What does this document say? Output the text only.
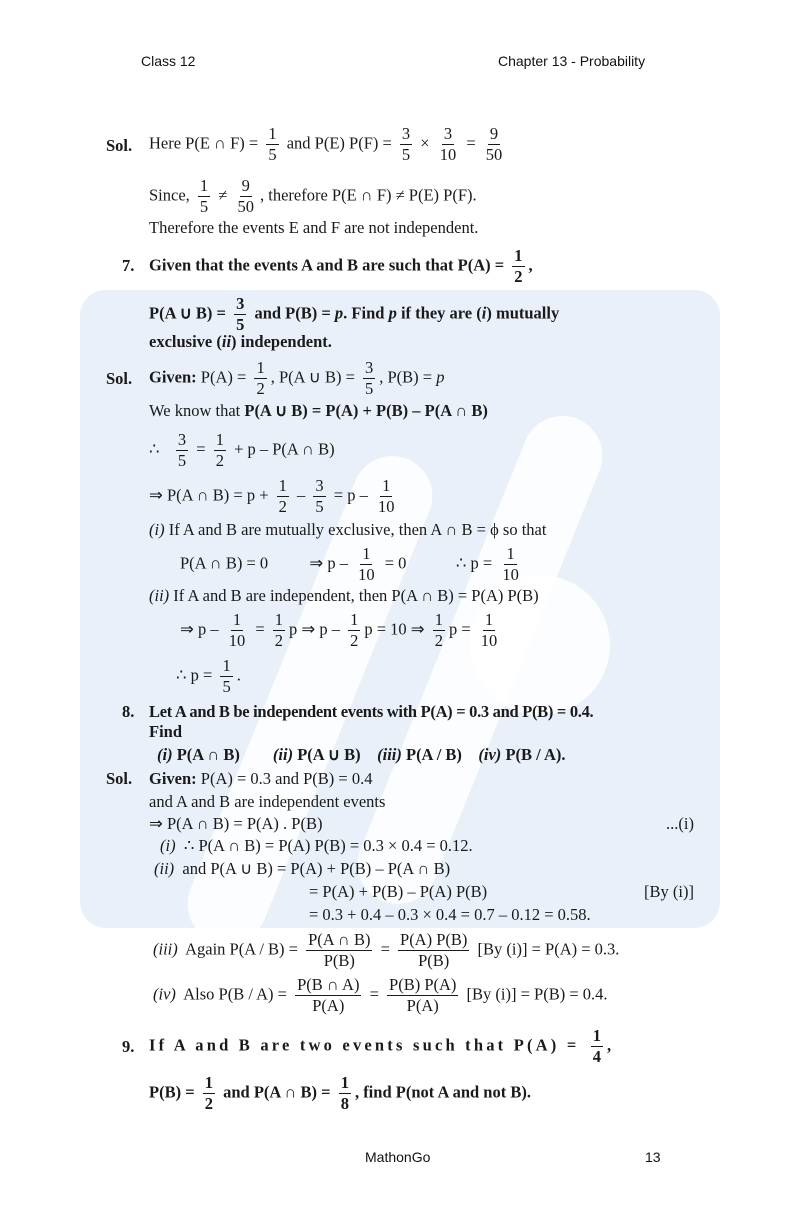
Class 12	Chapter 13 - Probability
Sol. Here P(E ∩ $F) = \frac{1}{5}$ and P(E) $P(F) = \frac{3}{5} \times \frac{3}{10} = \frac{9}{50}$
Since, $\frac{1}{5} \ne \frac{9}{50}$ , therefore P(E ∩ F) ≠ P(E) P(F).
Therefore the events E and F are not independent.
7. Given that the events A and B are such that $P(A) = \frac{1}{2}$ ,
P(A ∪ $B) = \frac{3}{5}$ and P(B) = p. Find p if they are (i) mutually
exclusive (ii) independent.
Sol. Given: $P(A) = \frac{1}{2}$ , P(A ∪ $B) = \frac{3}{5}$ , P(B) = p
We know that P(A ∪ B) = P(A) + P(B) – P(A ∩ B)
∴ $\frac{3}{5} = \frac{1}{2} + p - P(A$ ∩ B)
⇒ P(A ∩ $B) = p + \frac{1}{2} - \frac{3}{5} = p - \frac{1}{10}$
(i) If A and B are mutually exclusive, then A ∩ B = ϕ so that
P(A ∩ B) = 0	⇒ $p - \frac{1}{10} = 0$	∴ $p = \frac{1}{10}$
(ii) If A and B are independent, then P(A ∩ B) = P(A) P(B)
⇒ $p - \frac{1}{10} = \frac{1}{2}$ p ⇒ p – $\frac{1}{2}$ p = 10 ⇒ $\frac{1}{2}$ $p = \frac{1}{10}$
∴ $p = \frac{1}{5}$ .
8. Let A and B be independent events with P(A) = 0.3 and P(B) = 0.4.
Find
(i) P(A ∩ B) (ii) P(A ∪ B) (iii) P(A / B) (iv) P(B / A).
Sol. Given: P(A) = 0.3 and P(B) = 0.4
and A and B are independent events
⇒ P(A ∩ B) = P(A) . P(B)	...(i)
(i) ∴ P(A ∩ B) = P(A) P(B) = 0.3 × 0.4 = 0.12.
(ii) and P(A ∪ B) = P(A) + P(B) – P(A ∩ B)
= P(A) + P(B) – P(A) P(B)	[By (i)]
= 0.3 + 0.4 – 0.3 × 0.4 = 0.7 – 0.12 = 0.58.
(iii) Again $P(A / B) = \frac{P(A \cap B)}{P(B)} = \frac{P(A) P(B)}{P(B)} [By$ (i)] = P(A) = 0.3.
(iv) Also $P(B / A) = \frac{P(B \cap A)}{P(A)} = \frac{P(B) P(A)}{P(A)} [By$ (i)] = P(B) = 0.4.
9. If A and B are two events such that $P(A) = \frac{1}{4}$ ,
$P(B) = \frac{1}{2}$ and P(A ∩ $B) = \frac{1}{8}$ , find P(not A and not B).
MathonGo	13
